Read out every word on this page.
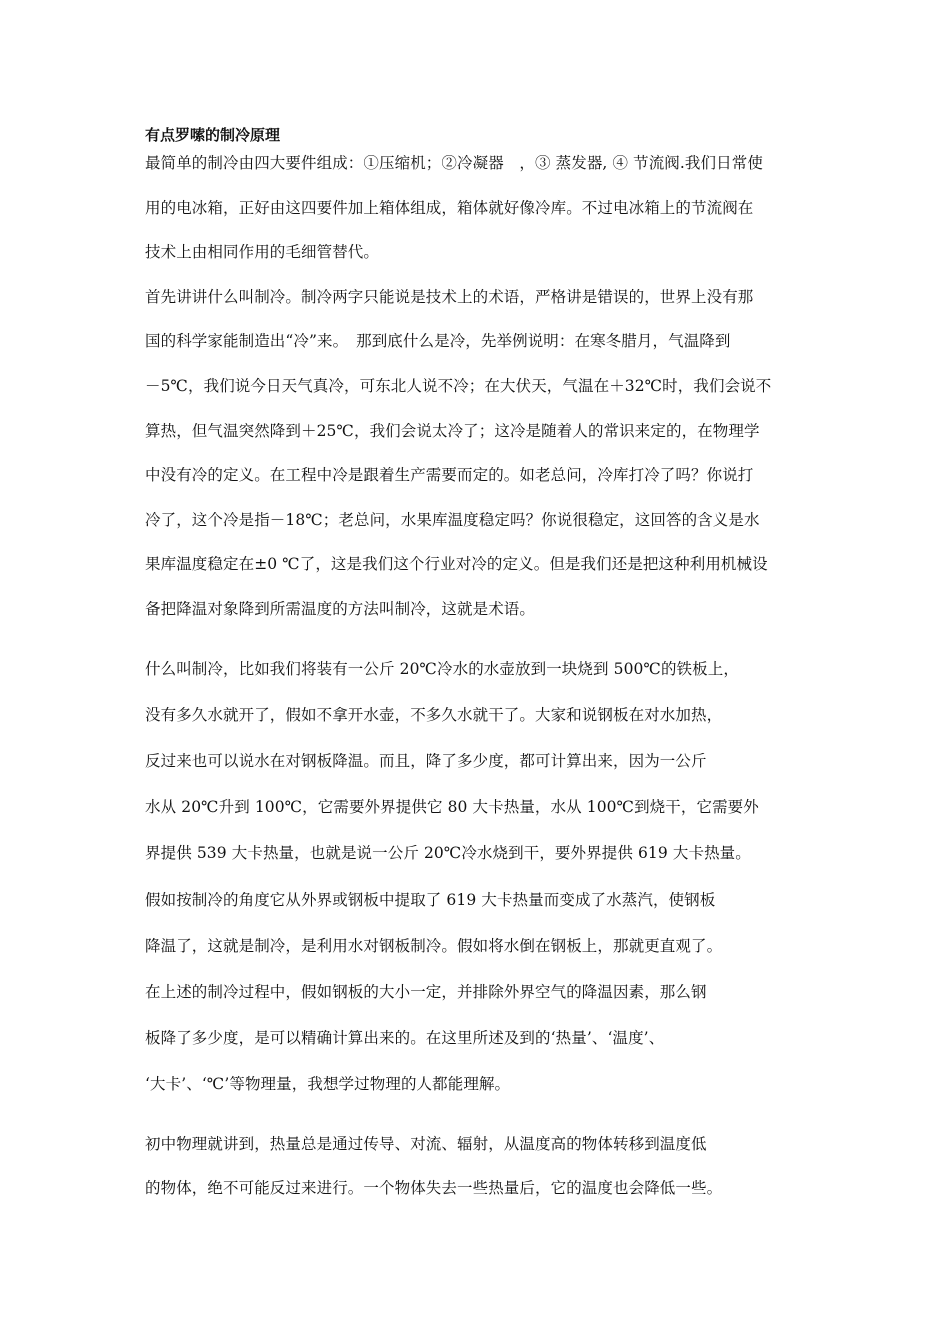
有点罗嗦的制冷原理

最简单的制冷由四大要件组成：①压缩机；②冷凝器　，③ 蒸发器, ④ 节流阀.我们日常使
用的电冰箱，正好由这四要件加上箱体组成，箱体就好像冷库。不过电冰箱上的节流阀在
技术上由相同作用的毛细管替代。

首先讲讲什么叫制冷。制冷两字只能说是技术上的术语，严格讲是错误的，世界上没有那
国的科学家能制造出“冷”来。　那到底什么是冷，先举例说明：在寒冬腊月，气温降到
－5℃，我们说今日天气真冷，可东北人说不冷；在大伏天，气温在＋32℃时，我们会说不
算热，但气温突然降到＋25℃，我们会说太冷了；这冷是随着人的常识来定的，在物理学
中没有冷的定义。在工程中冷是跟着生产需要而定的。如老总问，冷库打冷了吗？你说打
冷了，这个冷是指－18℃；老总问，水果库温度稳定吗？你说很稳定，这回答的含义是水
果库温度稳定在±0 ℃了，这是我们这个行业对冷的定义。但是我们还是把这种利用机械设
备把降温对象降到所需温度的方法叫制冷，这就是术语。

什么叫制冷，比如我们将装有一公斤 20℃冷水的水壶放到一块烧到 500℃的铁板上，
没有多久水就开了，假如不拿开水壶，不多久水就干了。大家和说钢板在对水加热，
反过来也可以说水在对钢板降温。而且，降了多少度，都可计算出来，因为一公斤
水从 20℃升到 100℃，它需要外界提供它 80 大卡热量，水从 100℃到烧干，它需要外
界提供 539 大卡热量，也就是说一公斤 20℃冷水烧到干，要外界提供 619 大卡热量。
假如按制冷的角度它从外界或钢板中提取了 619 大卡热量而变成了水蒸汽，使钢板
降温了，这就是制冷，是利用水对钢板制冷。假如将水倒在钢板上，那就更直观了。
在上述的制冷过程中，假如钢板的大小一定，并排除外界空气的降温因素，那么钢
板降了多少度，是可以精确计算出来的。在这里所述及到的‘热量’、‘温度’、
‘大卡’、‘℃’等物理量，我想学过物理的人都能理解。

初中物理就讲到，热量总是通过传导、对流、辐射，从温度高的物体转移到温度低
的物体，绝不可能反过来进行。一个物体失去一些热量后，它的温度也会降低一些。
